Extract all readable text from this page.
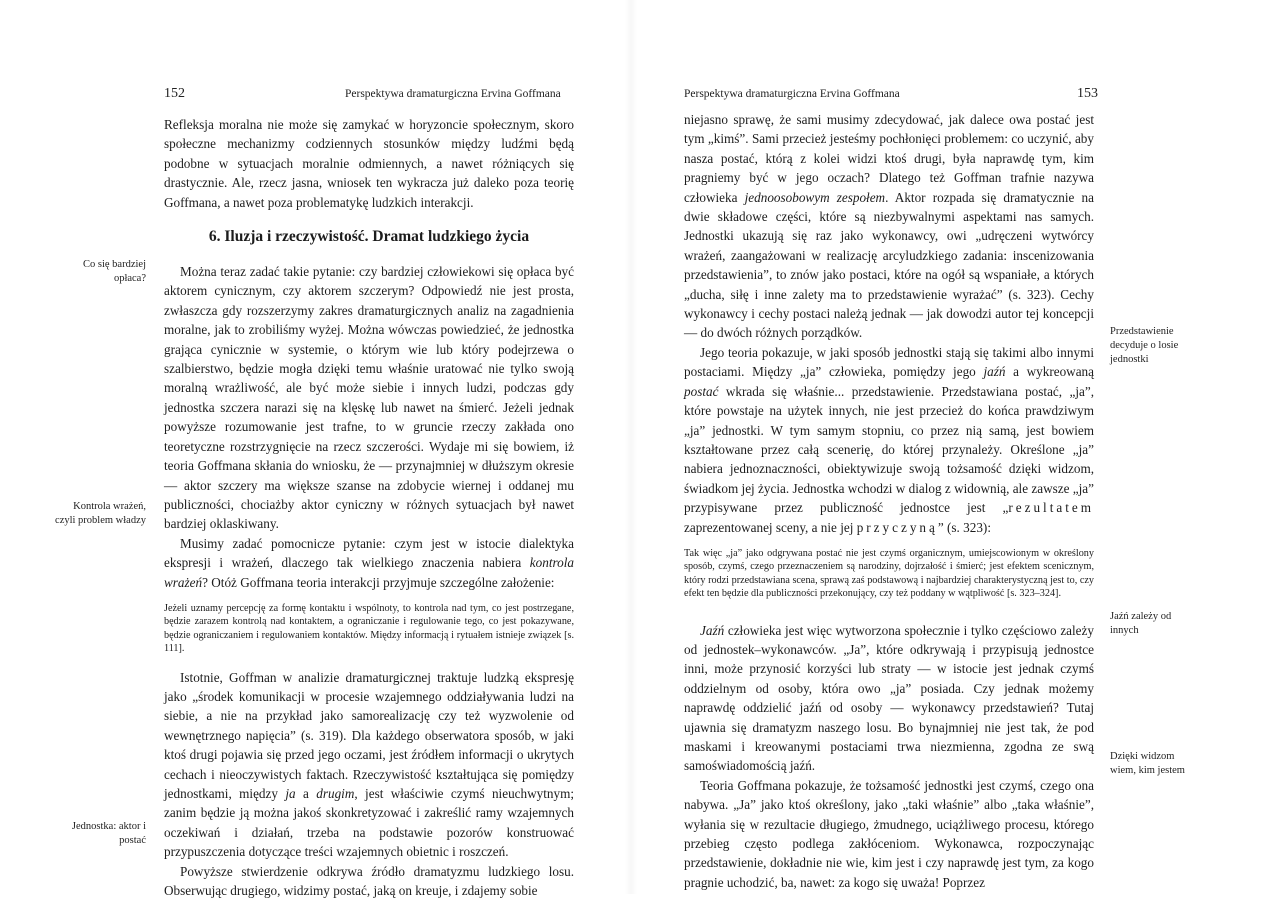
152	Perspektywa dramaturgiczna Ervina Goffmana
Co się bardziej opłaca?
Kontrola wrażeń, czyli problem władzy
Jednostka: aktor i postać

Refleksja moralna nie może się zamykać w horyzoncie społecznym, skoro społeczne mechanizmy codziennych stosunków między ludźmi będą podobne w sytuacjach moralnie odmiennych, a nawet różniących się drastycznie. Ale, rzecz jasna, wniosek ten wykracza już daleko poza teorię Goffmana, a nawet poza problematykę ludzkich interakcji.

6. Iluzja i rzeczywistość. Dramat ludzkiego życia

Można teraz zadać takie pytanie: czy bardziej człowiekowi się opłaca być aktorem cynicznym, czy aktorem szczerym? Odpowiedź nie jest prosta, zwłaszcza gdy rozszerzymy zakres dramaturgicznych analiz na zagadnienia moralne, jak to zrobiliśmy wyżej. Można wówczas powiedzieć, że jednostka grająca cynicznie w systemie, o którym wie lub który podejrzewa o szalbierstwo, będzie mogła dzięki temu właśnie uratować nie tylko swoją moralną wrażliwość, ale być może siebie i innych ludzi, podczas gdy jednostka szczera narazi się na klęskę lub nawet na śmierć. Jeżeli jednak powyższe rozumowanie jest trafne, to w gruncie rzeczy zakłada ono teoretyczne rozstrzygnięcie na rzecz szczerości. Wydaje mi się bowiem, iż teoria Goffmana skłania do wniosku, że — przynajmniej w dłuższym okresie — aktor szczery ma większe szanse na zdobycie wiernej i oddanej mu publiczności, chociażby aktor cyniczny w różnych sytuacjach był nawet bardziej oklaskiwany.

Musimy zadać pomocnicze pytanie: czym jest w istocie dialektyka ekspresji i wrażeń, dlaczego tak wielkiego znaczenia nabiera kontrola wrażeń? Otóż Goffmana teoria interakcji przyjmuje szczególne założenie:

Jeżeli uznamy percepcję za formę kontaktu i wspólnoty, to kontrola nad tym, co jest postrzegane, będzie zarazem kontrolą nad kontaktem, a ograniczanie i regulowanie tego, co jest pokazywane, będzie ograniczaniem i regulowaniem kontaktów. Między informacją i rytuałem istnieje związek [s. 111].

Istotnie, Goffman w analizie dramaturgicznej traktuje ludzką ekspresję jako „środek komunikacji w procesie wzajemnego oddziaływania ludzi na siebie, a nie na przykład jako samorealizację czy też wyzwolenie od wewnętrznego napięcia” (s. 319). Dla każdego obserwatora sposób, w jaki ktoś drugi pojawia się przed jego oczami, jest źródłem informacji o ukrytych cechach i nieoczywistych faktach. Rzeczywistość kształtująca się pomiędzy jednostkami, między ja a drugim, jest właściwie czymś nieuchwytnym; zanim będzie ją można jakoś skonkretyzować i zakreślić ramy wzajemnych oczekiwań i działań, trzeba na podstawie pozorów konstruować przypuszczenia dotyczące treści wzajemnych obietnic i roszczeń.

Powyższe stwierdzenie odkrywa źródło dramatyzmu ludzkiego losu. Obserwując drugiego, widzimy postać, jaką on kreuje, i zdajemy sobie

Perspektywa dramaturgiczna Ervina Goffmana	153
Przedstawienie decyduje o losie jednostki
Jaźń zależy od innych
Dzięki widzom wiem, kim jestem

niejasno sprawę, że sami musimy zdecydować, jak dalece owa postać jest tym „kimś”. Sami przecież jesteśmy pochłonięci problemem: co uczynić, aby nasza postać, którą z kolei widzi ktoś drugi, była naprawdę tym, kim pragniemy być w jego oczach? Dlatego też Goffman trafnie nazywa człowieka jednoosobowym zespołem. Aktor rozpada się dramatycznie na dwie składowe części, które są niezbywalnymi aspektami nas samych. Jednostki ukazują się raz jako wykonawcy, owi „udręczeni wytwórcy wrażeń, zaangażowani w realizację arcyludzkiego zadania: inscenizowania przedstawienia”, to znów jako postaci, które na ogół są wspaniałe, a których „ducha, siłę i inne zalety ma to przedstawienie wyrażać” (s. 323). Cechy wykonawcy i cechy postaci należą jednak — jak dowodzi autor tej koncepcji — do dwóch różnych porządków.

Jego teoria pokazuje, w jaki sposób jednostki stają się takimi albo innymi postaciami. Między „ja” człowieka, pomiędzy jego jaźń a wykreowaną postać wkrada się właśnie... przedstawienie. Przedstawiana postać, „ja”, które powstaje na użytek innych, nie jest przecież do końca prawdziwym „ja” jednostki. W tym samym stopniu, co przez nią samą, jest bowiem kształtowane przez całą scenerię, do której przynależy. Określone „ja” nabiera jednoznaczności, obiektywizuje swoją tożsamość dzięki widzom, świadkom jej życia. Jednostka wchodzi w dialog z widownią, ale zawsze „ja” przypisywane przez publiczność jednostce jest „rezultatem zaprezentowanej sceny, a nie jej przyczyną” (s. 323):

Tak więc „ja” jako odgrywana postać nie jest czymś organicznym, umiejscowionym w określony sposób, czymś, czego przeznaczeniem są narodziny, dojrzałość i śmierć; jest efektem scenicznym, który rodzi przedstawiana scena, sprawą zaś podstawową i najbardziej charakterystyczną jest to, czy efekt ten będzie dla publiczności przekonujący, czy też poddany w wątpliwość [s. 323–324].

Jaźń człowieka jest więc wytworzona społecznie i tylko częściowo zależy od jednostek–wykonawców. „Ja”, które odkrywają i przypisują jednostce inni, może przynosić korzyści lub straty — w istocie jest jednak czymś oddzielnym od osoby, która owo „ja” posiada. Czy jednak możemy naprawdę oddzielić jaźń od osoby — wykonawcy przedstawień? Tutaj ujawnia się dramatyzm naszego losu. Bo bynajmniej nie jest tak, że pod maskami i kreowanymi postaciami trwa niezmienna, zgodna ze swą samoświadomością jaźń.

Teoria Goffmana pokazuje, że tożsamość jednostki jest czymś, czego ona nabywa. „Ja” jako ktoś określony, jako „taki właśnie” albo „taka właśnie”, wyłania się w rezultacie długiego, żmudnego, uciążliwego procesu, którego przebieg często podlega zakłóceniom. Wykonawca, rozpoczynając przedstawienie, dokładnie nie wie, kim jest i czy naprawdę jest tym, za kogo pragnie uchodzić, ba, nawet: za kogo się uważa! Poprzez
